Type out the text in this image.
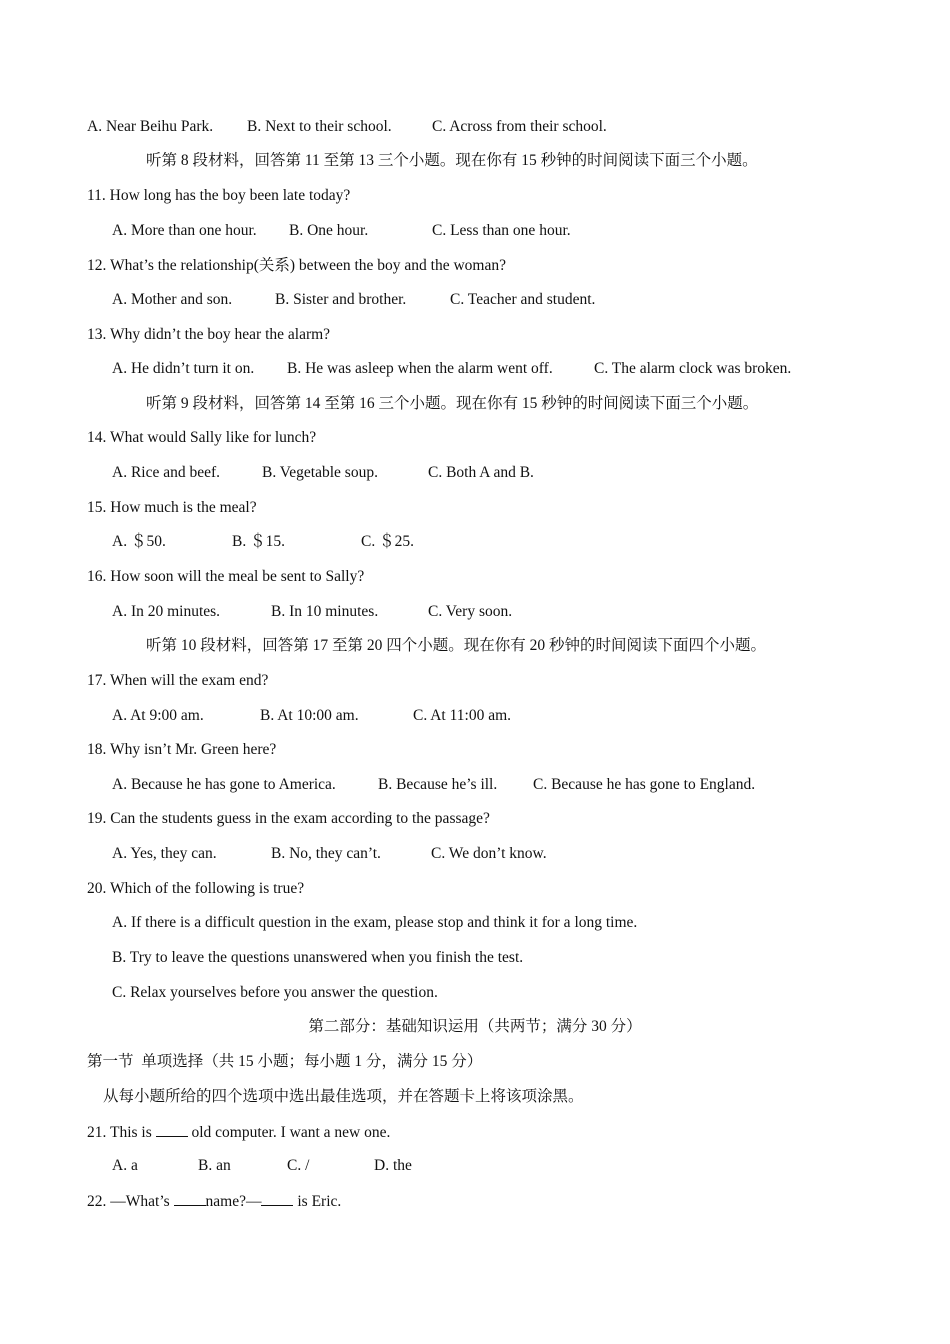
A. Near Beihu Park. B. Next to their school.	C. Across from their school.
听第 8 段材料，回答第 11 至第 13 三个小题。现在你有 15 秒钟的时间阅读下面三个小题。
11. How long has the boy been late today?
A. More than one hour. B. One hour.	C. Less than one hour.
12. What’s the relationship(关系) between the boy and the woman?
A. Mother and son.	B. Sister and brother.	C. Teacher and student.
13. Why didn’t the boy hear the alarm?
A. He didn’t turn it on. B. He was asleep when the alarm went off.	C. The alarm clock was broken.
听第 9 段材料，回答第 14 至第 16 三个小题。现在你有 15 秒钟的时间阅读下面三个小题。
14. What would Sally like for lunch?
A. Rice and beef.	B. Vegetable soup.	C. Both A and B.
15. How much is the meal?
A. ＄50.	B. ＄15.	C. ＄25.
16. How soon will the meal be sent to Sally?
A. In 20 minutes.	B. In 10 minutes.	C. Very soon.
听第 10 段材料，回答第 17 至第 20 四个小题。现在你有 20 秒钟的时间阅读下面四个小题。
17. When will the exam end?
A. At 9:00 am.	B. At 10:00 am.	C. At 11:00 am.
18. Why isn’t Mr. Green here?
A. Because he has gone to America.	B. Because he’s ill. C. Because he has gone to England.
19. Can the students guess in the exam according to the passage?
A. Yes, they can.	B. No, they can’t.	C. We don’t know.
20. Which of the following is true?
A. If there is a difficult question in the exam, please stop and think it for a long time.
B. Try to leave the questions unanswered when you finish the test.
C. Relax yourselves before you answer the question.
第二部分：基础知识运用（共两节；满分 30 分）
第一节  单项选择（共 15 小题；每小题 1 分，满分 15 分）
从每小题所给的四个选项中选出最佳选项，并在答题卡上将该项涂黑。
21. This is  old computer. I want a new one.
A. a	B. an	C. /	D. the
22. —What’s name?— is Eric.
